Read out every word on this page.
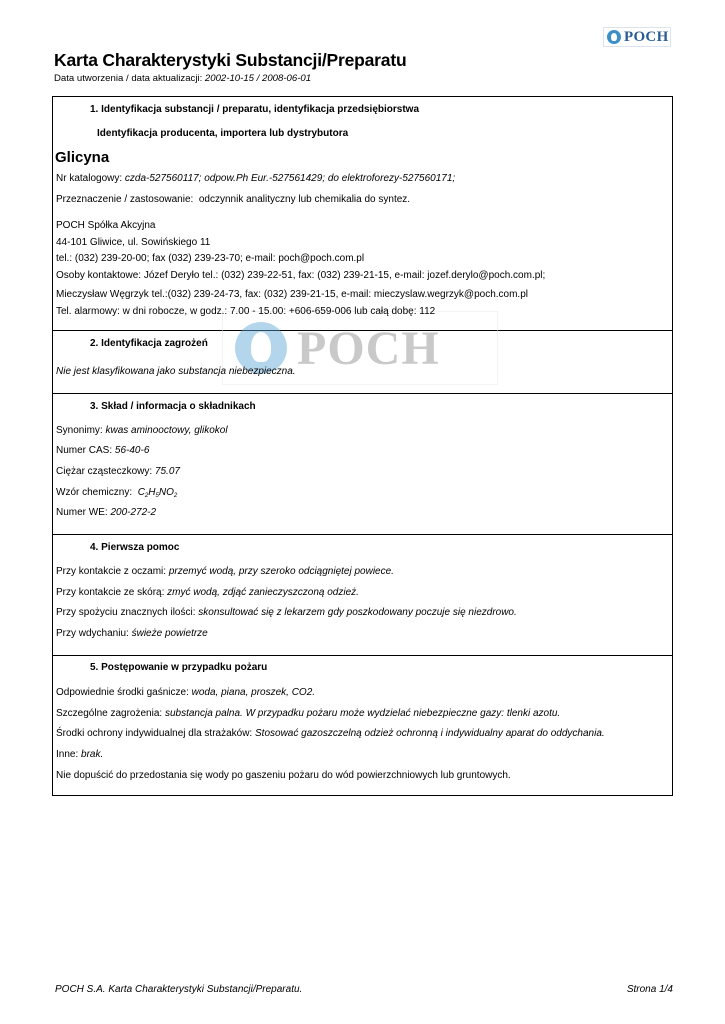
POCH
Karta Charakterystyki Substancji/Preparatu
Data utworzenia / data aktualizacji: 2002-10-15 / 2008-06-01
POCH
1. Identyfikacja substancji / preparatu, identyfikacja przedsiębiorstwa
Identyfikacja producenta, importera lub dystrybutora
Glicyna
Nr katalogowy: czda-527560117; odpow.Ph Eur.-527561429; do elektroforezy-527560171;
Przeznaczenie / zastosowanie: odczynnik analityczny lub chemikalia do syntez.
POCH Spółka Akcyjna
44-101 Gliwice, ul. Sowińskiego 11
tel.: (032) 239-20-00; fax (032) 239-23-70; e-mail: poch@poch.com.pl
Osoby kontaktowe: Józef Deryło tel.: (032) 239-22-51, fax: (032) 239-21-15, e-mail: jozef.derylo@poch.com.pl;
Mieczysław Węgrzyk tel.:(032) 239-24-73, fax: (032) 239-21-15, e-mail: mieczyslaw.wegrzyk@poch.com.pl
Tel. alarmowy: w dni robocze, w godz.: 7.00 - 15.00: +606-659-006 lub całą dobę: 112
2. Identyfikacja zagrożeń
Nie jest klasyfikowana jako substancja niebezpieczna.
3. Skład / informacja o składnikach
Synonimy: kwas aminooctowy, glikokol
Numer CAS: 56-40-6
Ciężar cząsteczkowy: 75.07
Wzór chemiczny: $C_2H_5NO_2$
Numer WE: 200-272-2
4. Pierwsza pomoc
Przy kontakcie z oczami: przemyć wodą, przy szeroko odciągniętej powiece.
Przy kontakcie ze skórą: zmyć wodą, zdjąć zanieczyszczoną odzież.
Przy spożyciu znacznych ilości: skonsultować się z lekarzem gdy poszkodowany poczuje się niezdrowo.
Przy wdychaniu: świeże powietrze
5. Postępowanie w przypadku pożaru
Odpowiednie środki gaśnicze: woda, piana, proszek, CO2.
Szczególne zagrożenia: substancja palna. W przypadku pożaru może wydzielać niebezpieczne gazy: tlenki azotu.
Środki ochrony indywidualnej dla strażaków: Stosować gazoszczelną odzież ochronną i indywidualny aparat do oddychania.
Inne: brak.
Nie dopuścić do przedostania się wody po gaszeniu pożaru do wód powierzchniowych lub gruntowych.
POCH S.A. Karta Charakterystyki Substancji/Preparatu.	Strona 1/4
